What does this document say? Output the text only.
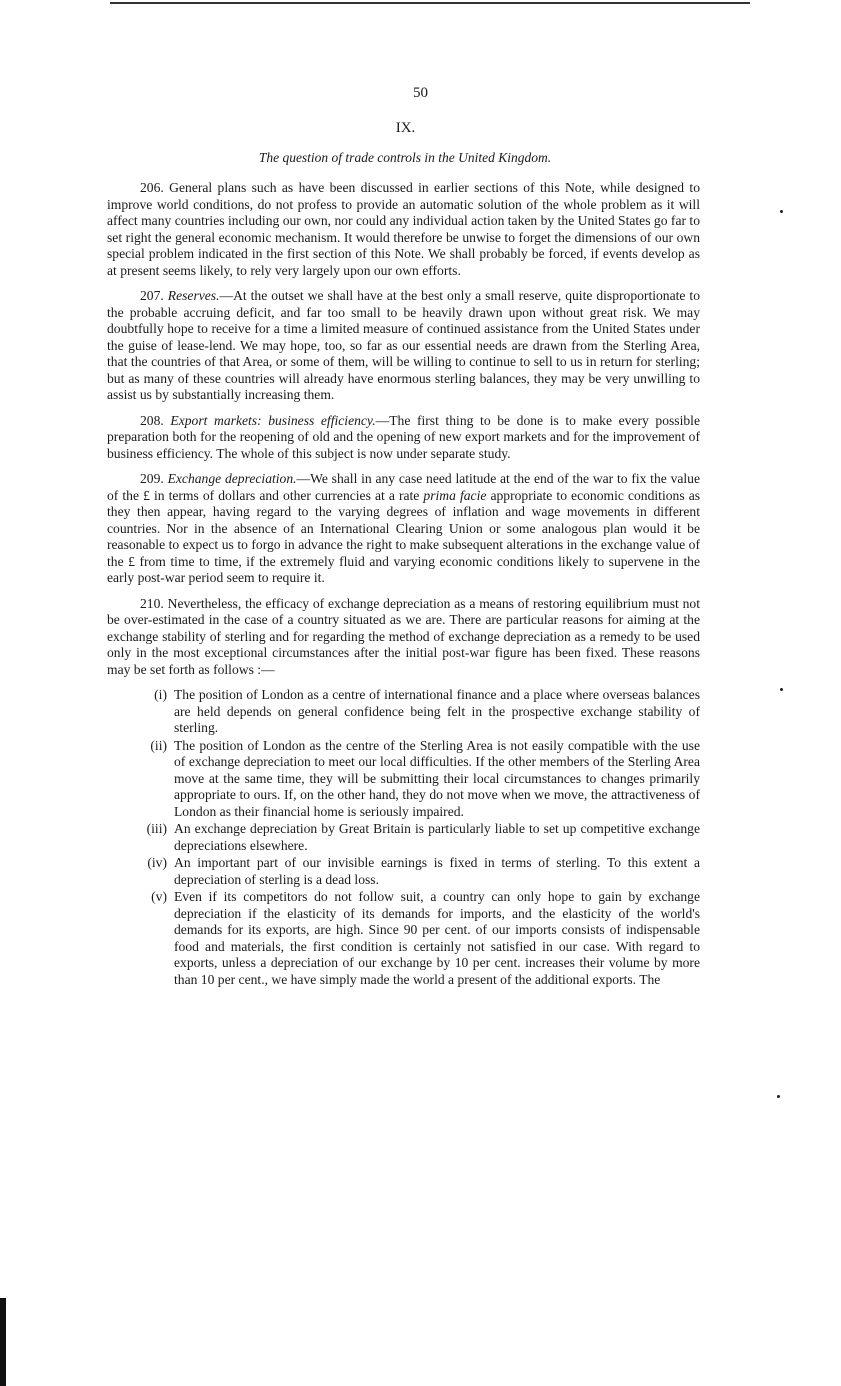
50
IX.
The question of trade controls in the United Kingdom.

206. General plans such as have been discussed in earlier sections of this Note, while designed to improve world conditions, do not profess to provide an automatic solution of the whole problem as it will affect many countries including our own, nor could any individual action taken by the United States go far to set right the general economic mechanism. It would therefore be unwise to forget the dimensions of our own special problem indicated in the first section of this Note. We shall probably be forced, if events develop as at present seems likely, to rely very largely upon our own efforts.

207. Reserves.—At the outset we shall have at the best only a small reserve, quite disproportionate to the probable accruing deficit, and far too small to be heavily drawn upon without great risk. We may doubtfully hope to receive for a time a limited measure of continued assistance from the United States under the guise of lease-lend. We may hope, too, so far as our essential needs are drawn from the Sterling Area, that the countries of that Area, or some of them, will be willing to continue to sell to us in return for sterling; but as many of these countries will already have enormous sterling balances, they may be very unwilling to assist us by substantially increasing them.

208. Export markets: business efficiency.—The first thing to be done is to make every possible preparation both for the reopening of old and the opening of new export markets and for the improvement of business efficiency. The whole of this subject is now under separate study.

209. Exchange depreciation.—We shall in any case need latitude at the end of the war to fix the value of the £ in terms of dollars and other currencies at a rate prima facie appropriate to economic conditions as they then appear, having regard to the varying degrees of inflation and wage movements in different countries. Nor in the absence of an International Clearing Union or some analogous plan would it be reasonable to expect us to forgo in advance the right to make subsequent alterations in the exchange value of the £ from time to time, if the extremely fluid and varying economic conditions likely to supervene in the early post-war period seem to require it.

210. Nevertheless, the efficacy of exchange depreciation as a means of restoring equilibrium must not be over-estimated in the case of a country situated as we are. There are particular reasons for aiming at the exchange stability of sterling and for regarding the method of exchange depreciation as a remedy to be used only in the most exceptional circumstances after the initial post-war figure has been fixed. These reasons may be set forth as follows :—

(i) The position of London as a centre of international finance and a place where overseas balances are held depends on general confidence being felt in the prospective exchange stability of sterling.
(ii) The position of London as the centre of the Sterling Area is not easily compatible with the use of exchange depreciation to meet our local difficulties. If the other members of the Sterling Area move at the same time, they will be submitting their local circumstances to changes primarily appropriate to ours. If, on the other hand, they do not move when we move, the attractiveness of London as their financial home is seriously impaired.
(iii) An exchange depreciation by Great Britain is particularly liable to set up competitive exchange depreciations elsewhere.
(iv) An important part of our invisible earnings is fixed in terms of sterling. To this extent a depreciation of sterling is a dead loss.
(v) Even if its competitors do not follow suit, a country can only hope to gain by exchange depreciation if the elasticity of its demands for imports, and the elasticity of the world's demands for its exports, are high. Since 90 per cent. of our imports consists of indispensable food and materials, the first condition is certainly not satisfied in our case. With regard to exports, unless a depreciation of our exchange by 10 per cent. increases their volume by more than 10 per cent., we have simply made the world a present of the additional exports. The
